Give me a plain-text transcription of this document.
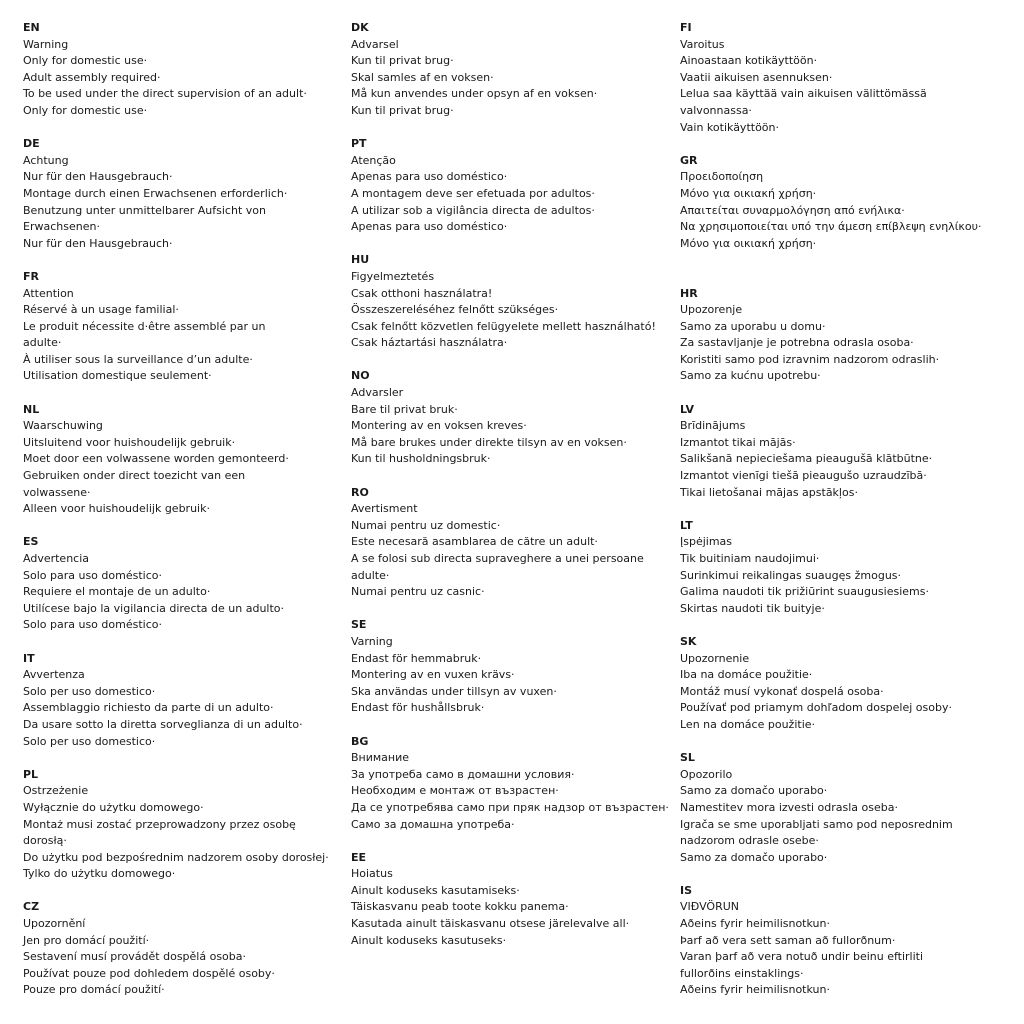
EN
Warning
Only for domestic use·
Adult assembly required·
To be used under the direct supervision of an adult·
Only for domestic use·
DE
Achtung
Nur für den Hausgebrauch·
Montage durch einen Erwachsenen erforderlich·
Benutzung unter unmittelbarer Aufsicht von Erwachsenen·
Nur für den Hausgebrauch·
FR
Attention
Réservé à un usage familial·
Le produit nécessite d·être assemblé par un
adulte·
À utiliser sous la surveillance d’un adulte·
Utilisation domestique seulement·
NL
Waarschuwing
Uitsluitend voor huishoudelijk gebruik·
Moet door een volwassene worden gemonteerd·
Gebruiken onder direct toezicht van een
volwassene·
Alleen voor huishoudelijk gebruik·
ES
Advertencia
Solo para uso doméstico·
Requiere el montaje de un adulto·
Utilícese bajo la vigilancia directa de un adulto·
Solo para uso doméstico·
IT
Avvertenza
Solo per uso domestico·
Assemblaggio richiesto da parte di un adulto·
Da usare sotto la diretta sorveglianza di un adulto·
Solo per uso domestico·
PL
Ostrzeżenie
Wyłącznie do użytku domowego·
Montaż musi zostać przeprowadzony przez osobę dorosłą·
Do użytku pod bezpośrednim nadzorem osoby dorosłej·
Tylko do użytku domowego·
CZ
Upozornění
Jen pro domácí použití·
Sestavení musí provádět dospělá osoba·
Používat pouze pod dohledem dospělé osoby·
Pouze pro domácí použití·
DK
Advarsel
Kun til privat brug·
Skal samles af en voksen·
Må kun anvendes under opsyn af en voksen·
Kun til privat brug·
PT
Atenção
Apenas para uso doméstico·
A montagem deve ser efetuada por adultos·
A utilizar sob a vigilância directa de adultos·
Apenas para uso doméstico·
HU
Figyelmeztetés
Csak otthoni használatra!
Összeszereléséhez felnőtt szükséges·
Csak felnőtt közvetlen felügyelete mellett használható!
Csak háztartási használatra·
NO
Advarsler
Bare til privat bruk·
Montering av en voksen kreves·
Må bare brukes under direkte tilsyn av en voksen·
Kun til husholdningsbruk·
RO
Avertisment
Numai pentru uz domestic·
Este necesară asamblarea de către un adult·
A se folosi sub directa supraveghere a unei persoane adulte·
Numai pentru uz casnic·
SE
Varning
Endast för hemmabruk·
Montering av en vuxen krävs·
Ska användas under tillsyn av vuxen·
Endast för hushållsbruk·
BG
Внимание
За употреба само в домашни условия·
Необходим е монтаж от възрастен·
Да се употребява само при пряк надзор от възрастен·
Само за домашна употреба·
EE
Hoiatus
Ainult koduseks kasutamiseks·
Täiskasvanu peab toote kokku panema·
Kasutada ainult täiskasvanu otsese järelevalve all·
Ainult koduseks kasutuseks·
FI
Varoitus
Ainoastaan kotikäyttöön·
Vaatii aikuisen asennuksen·
Lelua saa käyttää vain aikuisen välittömässä valvonnassa·
Vain kotikäyttöön·
GR
Προειδοποίηση
Μόνο για οικιακή χρήση·
Απαιτείται συναρμολόγηση από ενήλικα·
Να χρησιμοποιείται υπό την άμεση επίβλεψη ενηλίκου·
Μόνο για οικιακή χρήση·
HR
Upozorenje
Samo za uporabu u domu·
Za sastavljanje je potrebna odrasla osoba·
Koristiti samo pod izravnim nadzorom odraslih·
Samo za kućnu upotrebu·
LV
Brīdinājums
Izmantot tikai mājās·
Salikšanā nepieciešama pieaugušā klātbūtne·
Izmantot vienīgi tiešā pieaugušo uzraudzībā·
Tikai lietošanai mājas apstākļos·
LT
Įspėjimas
Tik buitiniam naudojimui·
Surinkimui reikalingas suaugęs žmogus·
Galima naudoti tik prižiūrint suaugusiesiems·
Skirtas naudoti tik buityje·
SK
Upozornenie
Iba na domáce použitie·
Montáž musí vykonať dospelá osoba·
Používať pod priamym dohľadom dospelej osoby·
Len na domáce použitie·
SL
Opozorilo
Samo za domačo uporabo·
Namestitev mora izvesti odrasla oseba·
Igrača se sme uporabljati samo pod neposrednim
nadzorom odrasle osebe·
Samo za domačo uporabo·
IS
VIÐVÖRUN
Aðeins fyrir heimilisnotkun·
Þarf að vera sett saman að fullorðnum·
Varan þarf að vera notuð undir beinu eftirliti
fullorðins einstaklings·
Aðeins fyrir heimilisnotkun·
